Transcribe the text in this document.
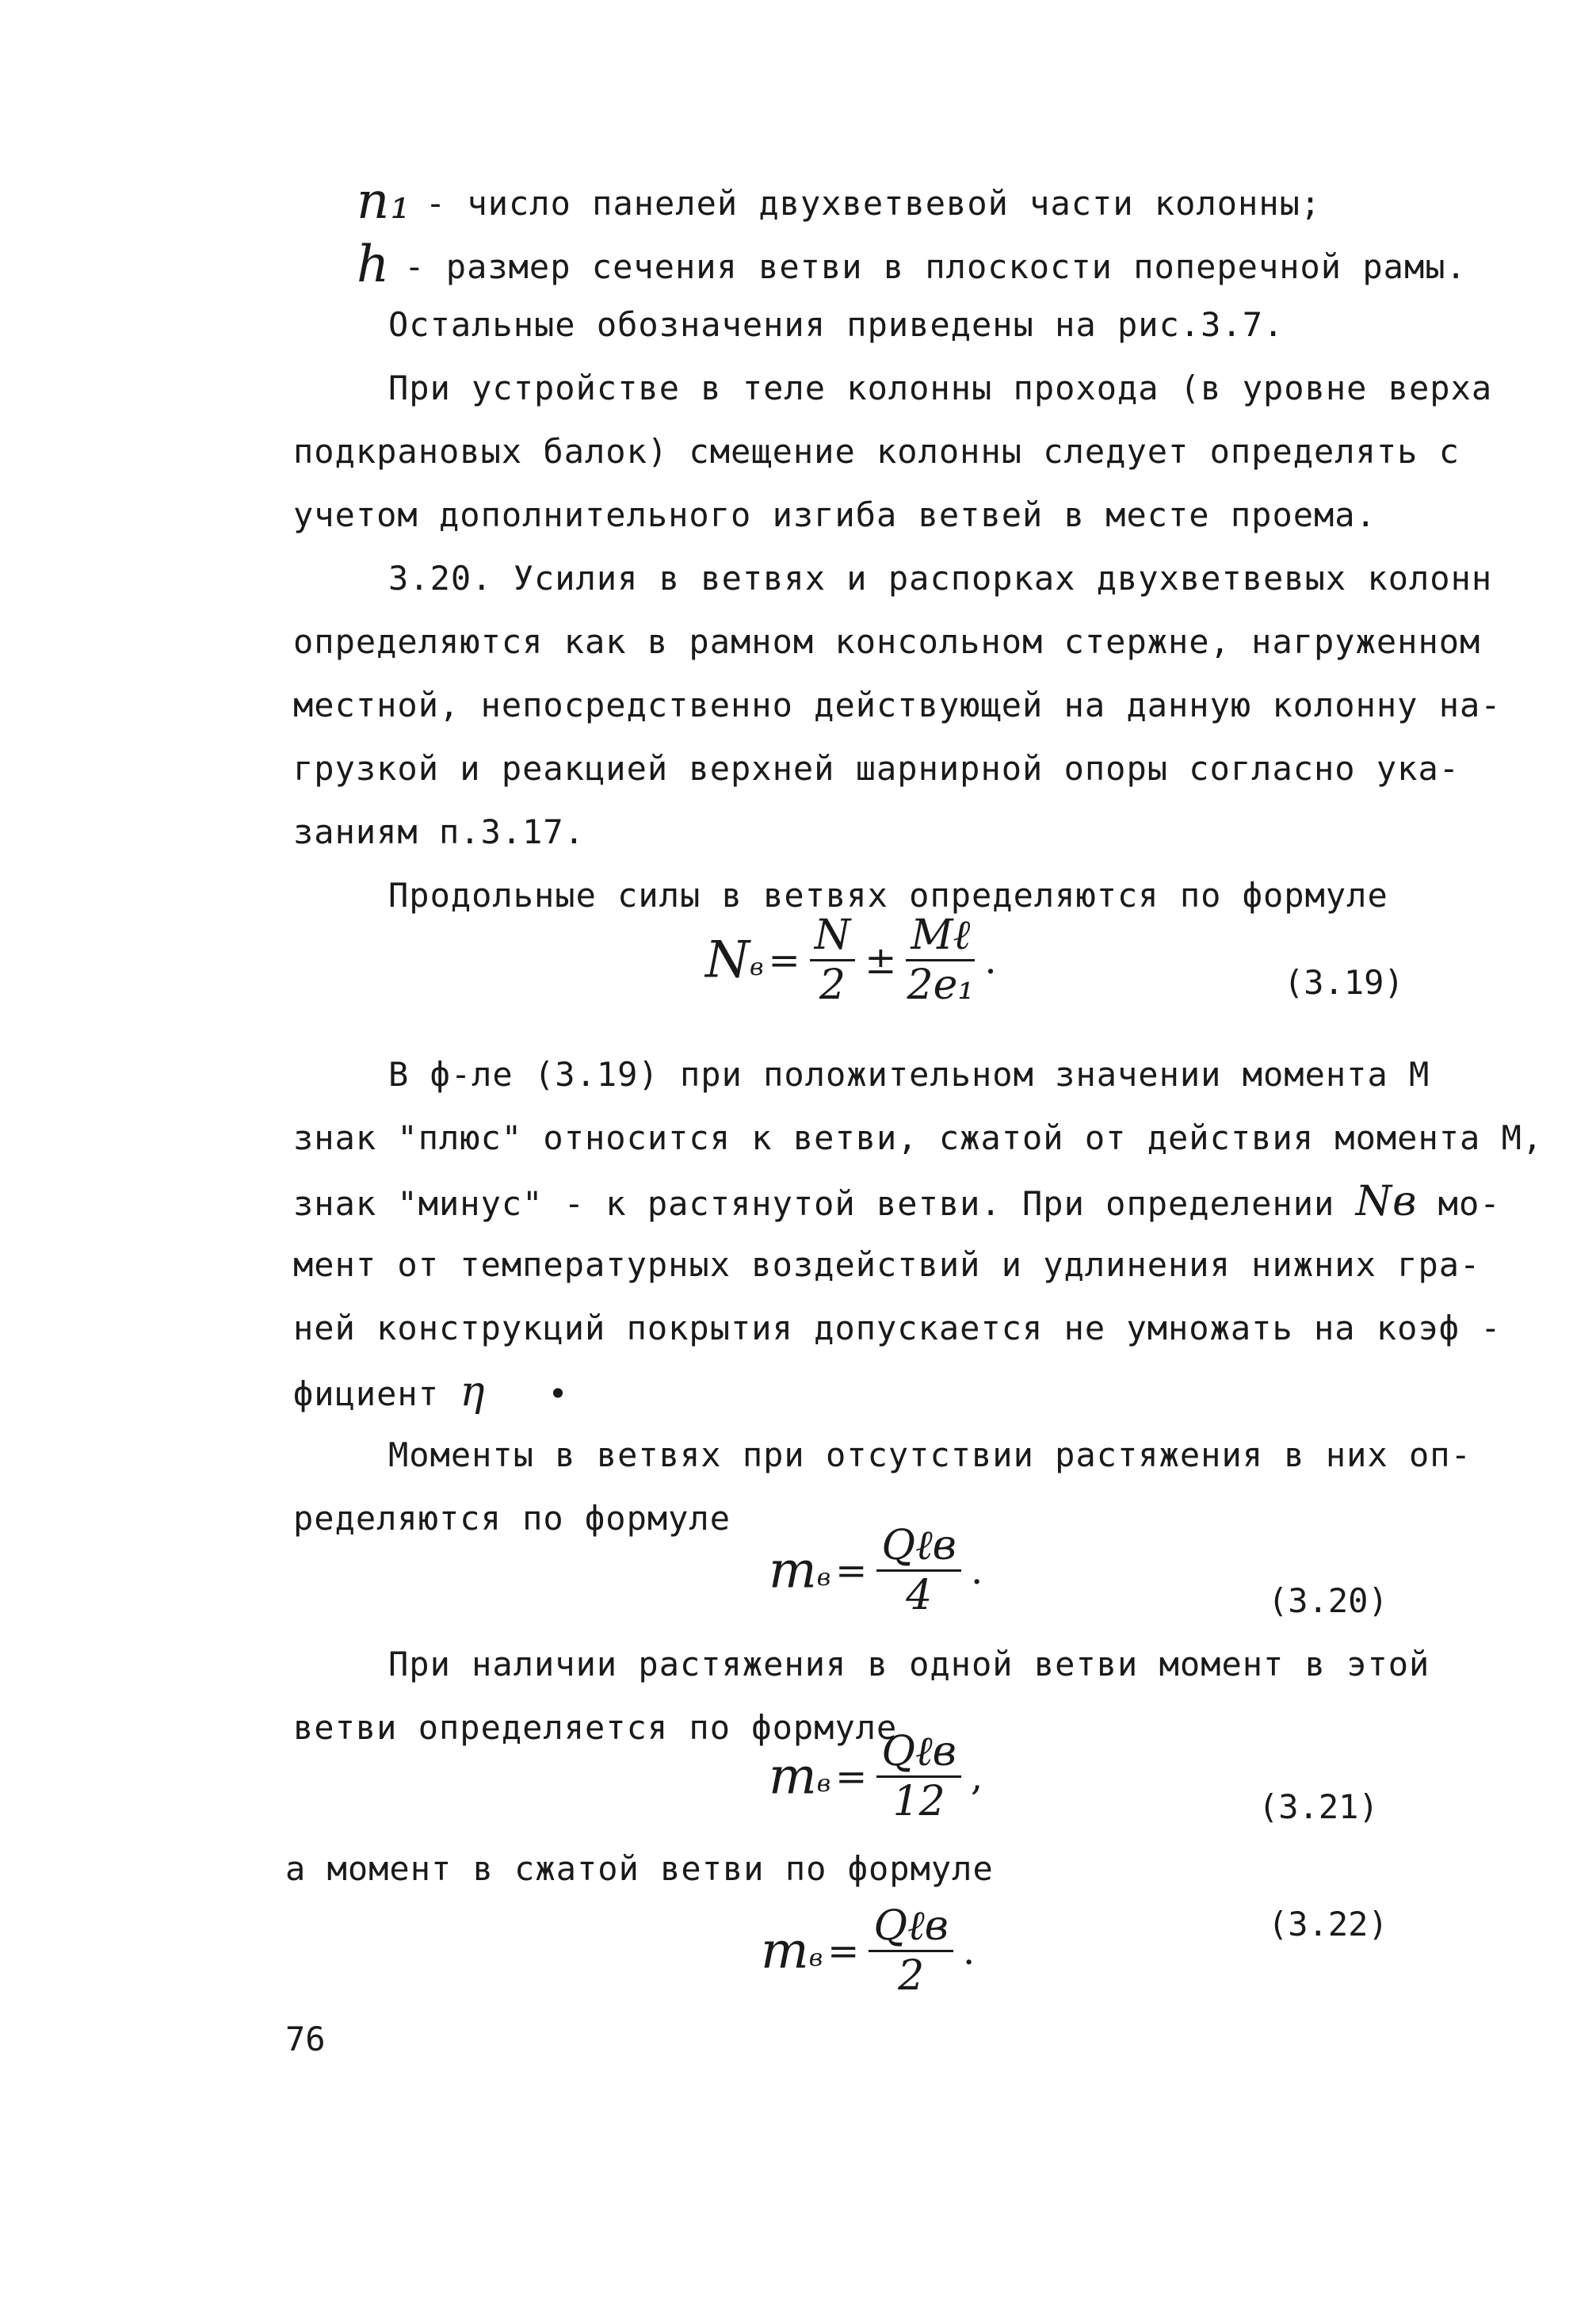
n₁ - число панелей двухветвевой части колонны;
h - размер сечения ветви в плоскости поперечной рамы.
Остальные обозначения приведены на рис.3.7.
При устройстве в теле колонны прохода (в уровне верха
подкрановых балок) смещение колонны следует определять с
учетом дополнительного изгиба ветвей в месте проема.
3.20. Усилия в ветвях и распорках двухветвевых колонн
определяются как в рамном консольном стержне, нагруженном
местной, непосредственно действующей на данную колонну на-
грузкой и реакцией верхней шарнирной опоры согласно ука-
заниям п.3.17.
Продольные силы в ветвях определяются по формуле
Nв = $\frac{N}{2} \pm \frac{\text{Mℓ}}{\text{2e₁}}$ .	(3.19)
В ф-ле (3.19) при положительном значении момента М
знак "плюс" относится к ветви, сжатой от действия момента М,
знак "минус" - к растянутой ветви. При определении Nв мо-
мент от температурных воздействий и удлинения нижних гра-
ней конструкций покрытия допускается не умножать на коэф -
фициент η •
Моменты в ветвях при отсутствии растяжения в них оп-
ределяются по формуле
mв = $\frac{\text{Qℓв}}{4}$ .
(3.20)
При наличии растяжения в одной ветви момент в этой
ветви определяется по формуле
mв = $\frac{\text{Qℓв}}{12}$ ,
(3.21)
а момент в сжатой ветви по формуле
mв = $\frac{\text{Qℓв}}{2}$ .
(3.22)
76
